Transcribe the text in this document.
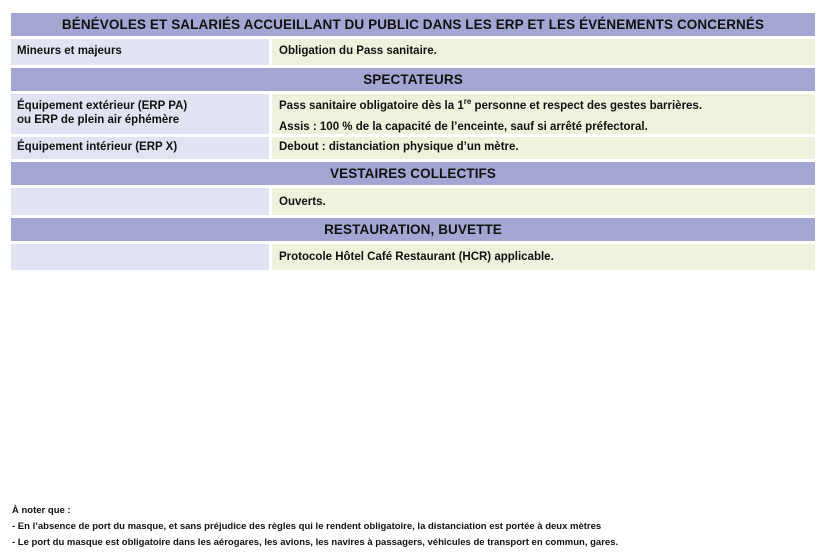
BÉNÉVOLES ET SALARIÉS ACCUEILLANT DU PUBLIC DANS LES ERP ET LES ÉVÉNEMENTS CONCERNÉS
Mineurs et majeurs	Obligation du Pass sanitaire.
SPECTATEURS
Équipement extérieur (ERP PA)
ou ERP de plein air éphémère
Pass sanitaire obligatoire dès la 1re personne et respect des gestes barrières.
Assis : 100 % de la capacité de l’enceinte, sauf si arrêté préfectoral.
Équipement intérieur (ERP X)	Debout : distanciation physique d’un mètre.
VESTAIRES COLLECTIFS
Ouverts.
RESTAURATION, BUVETTE
Protocole Hôtel Café Restaurant (HCR) applicable.
À noter que :
- En l’absence de port du masque, et sans préjudice des règles qui le rendent obligatoire, la distanciation est portée à deux mètres
- Le port du masque est obligatoire dans les aérogares, les avions, les navires à passagers, véhicules de transport en commun, gares.
